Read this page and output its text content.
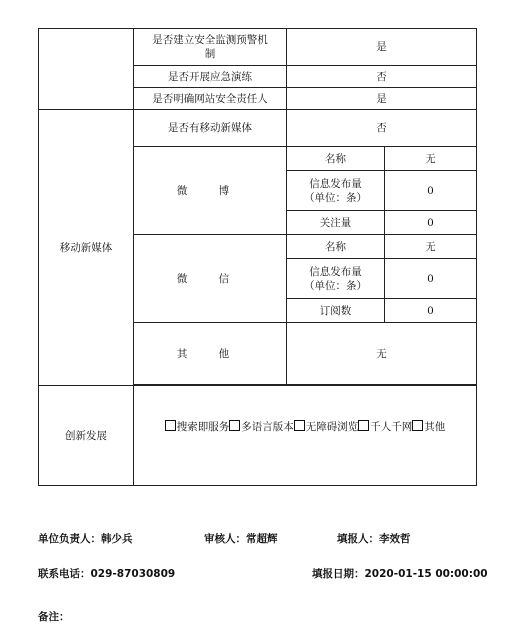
	是否建立安全监测预警机制	是	
	是否开展应急演练	否	
	是否明确网站安全责任人	是	
移动新媒体	是否有移动新媒体	否	
	微 博	名称	无
		信息发布量
（单位：条）	0
		关注量	0
	微 信	名称	无
		信息发布量
（单位：条）	0
		订阅数	0
	其 他	无	

创新发展	搜索即服务 多语言版本 无障碍浏览 千人千网 其他		
单位负责人：韩少兵	审核人：常超辉	填报人：李效哲
联系电话：029-87030809	填报日期：2020-01-15 00:00:00
备注：
